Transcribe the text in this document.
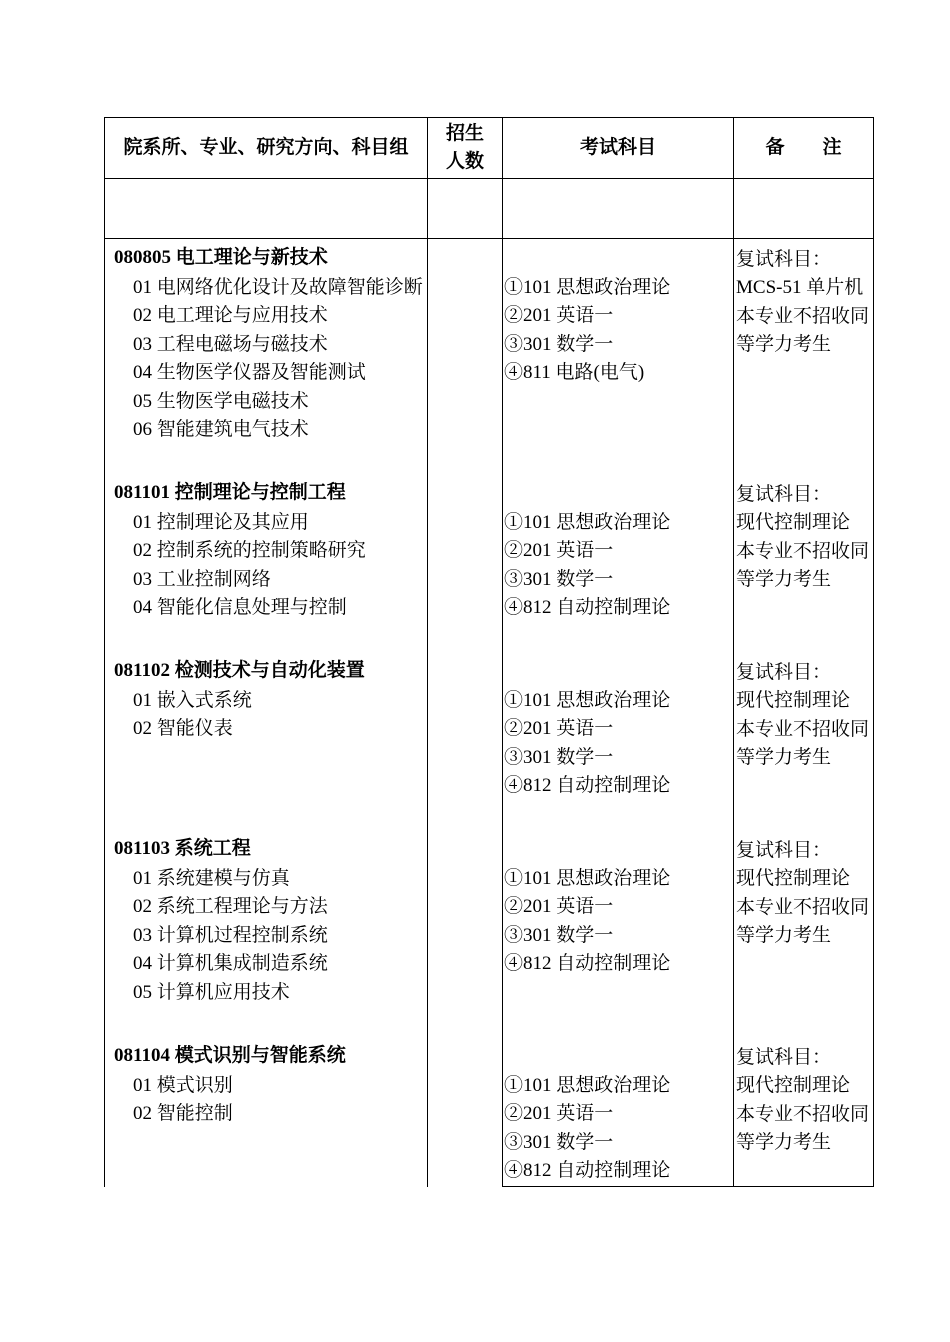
院系所、专业、研究方向、科目组
招生
人数
考试科目	备　　注
080805 电工理论与新技术
01 电网络优化设计及故障智能诊断
02 电工理论与应用技术
03 工程电磁场与磁技术
04 生物医学仪器及智能测试
05 生物医学电磁技术
06 智能建筑电气技术
①101 思想政治理论
②201 英语一
③301 数学一
④811 电路(电气)
复试科目：
MCS-51 单片机
本专业不招收同
等学力考生
081101 控制理论与控制工程
01 控制理论及其应用
02 控制系统的控制策略研究
03 工业控制网络
04 智能化信息处理与控制
①101 思想政治理论
②201 英语一
③301 数学一
④812 自动控制理论
复试科目：
现代控制理论
本专业不招收同
等学力考生
081102 检测技术与自动化装置
01 嵌入式系统
02 智能仪表
①101 思想政治理论
②201 英语一
③301 数学一
④812 自动控制理论
复试科目：
现代控制理论
本专业不招收同
等学力考生
081103 系统工程
01 系统建模与仿真
02 系统工程理论与方法
03 计算机过程控制系统
04 计算机集成制造系统
05 计算机应用技术
①101 思想政治理论
②201 英语一
③301 数学一
④812 自动控制理论
复试科目：
现代控制理论
本专业不招收同
等学力考生
081104 模式识别与智能系统
01 模式识别
02 智能控制
①101 思想政治理论
②201 英语一
③301 数学一
④812 自动控制理论
复试科目：
现代控制理论
本专业不招收同
等学力考生
